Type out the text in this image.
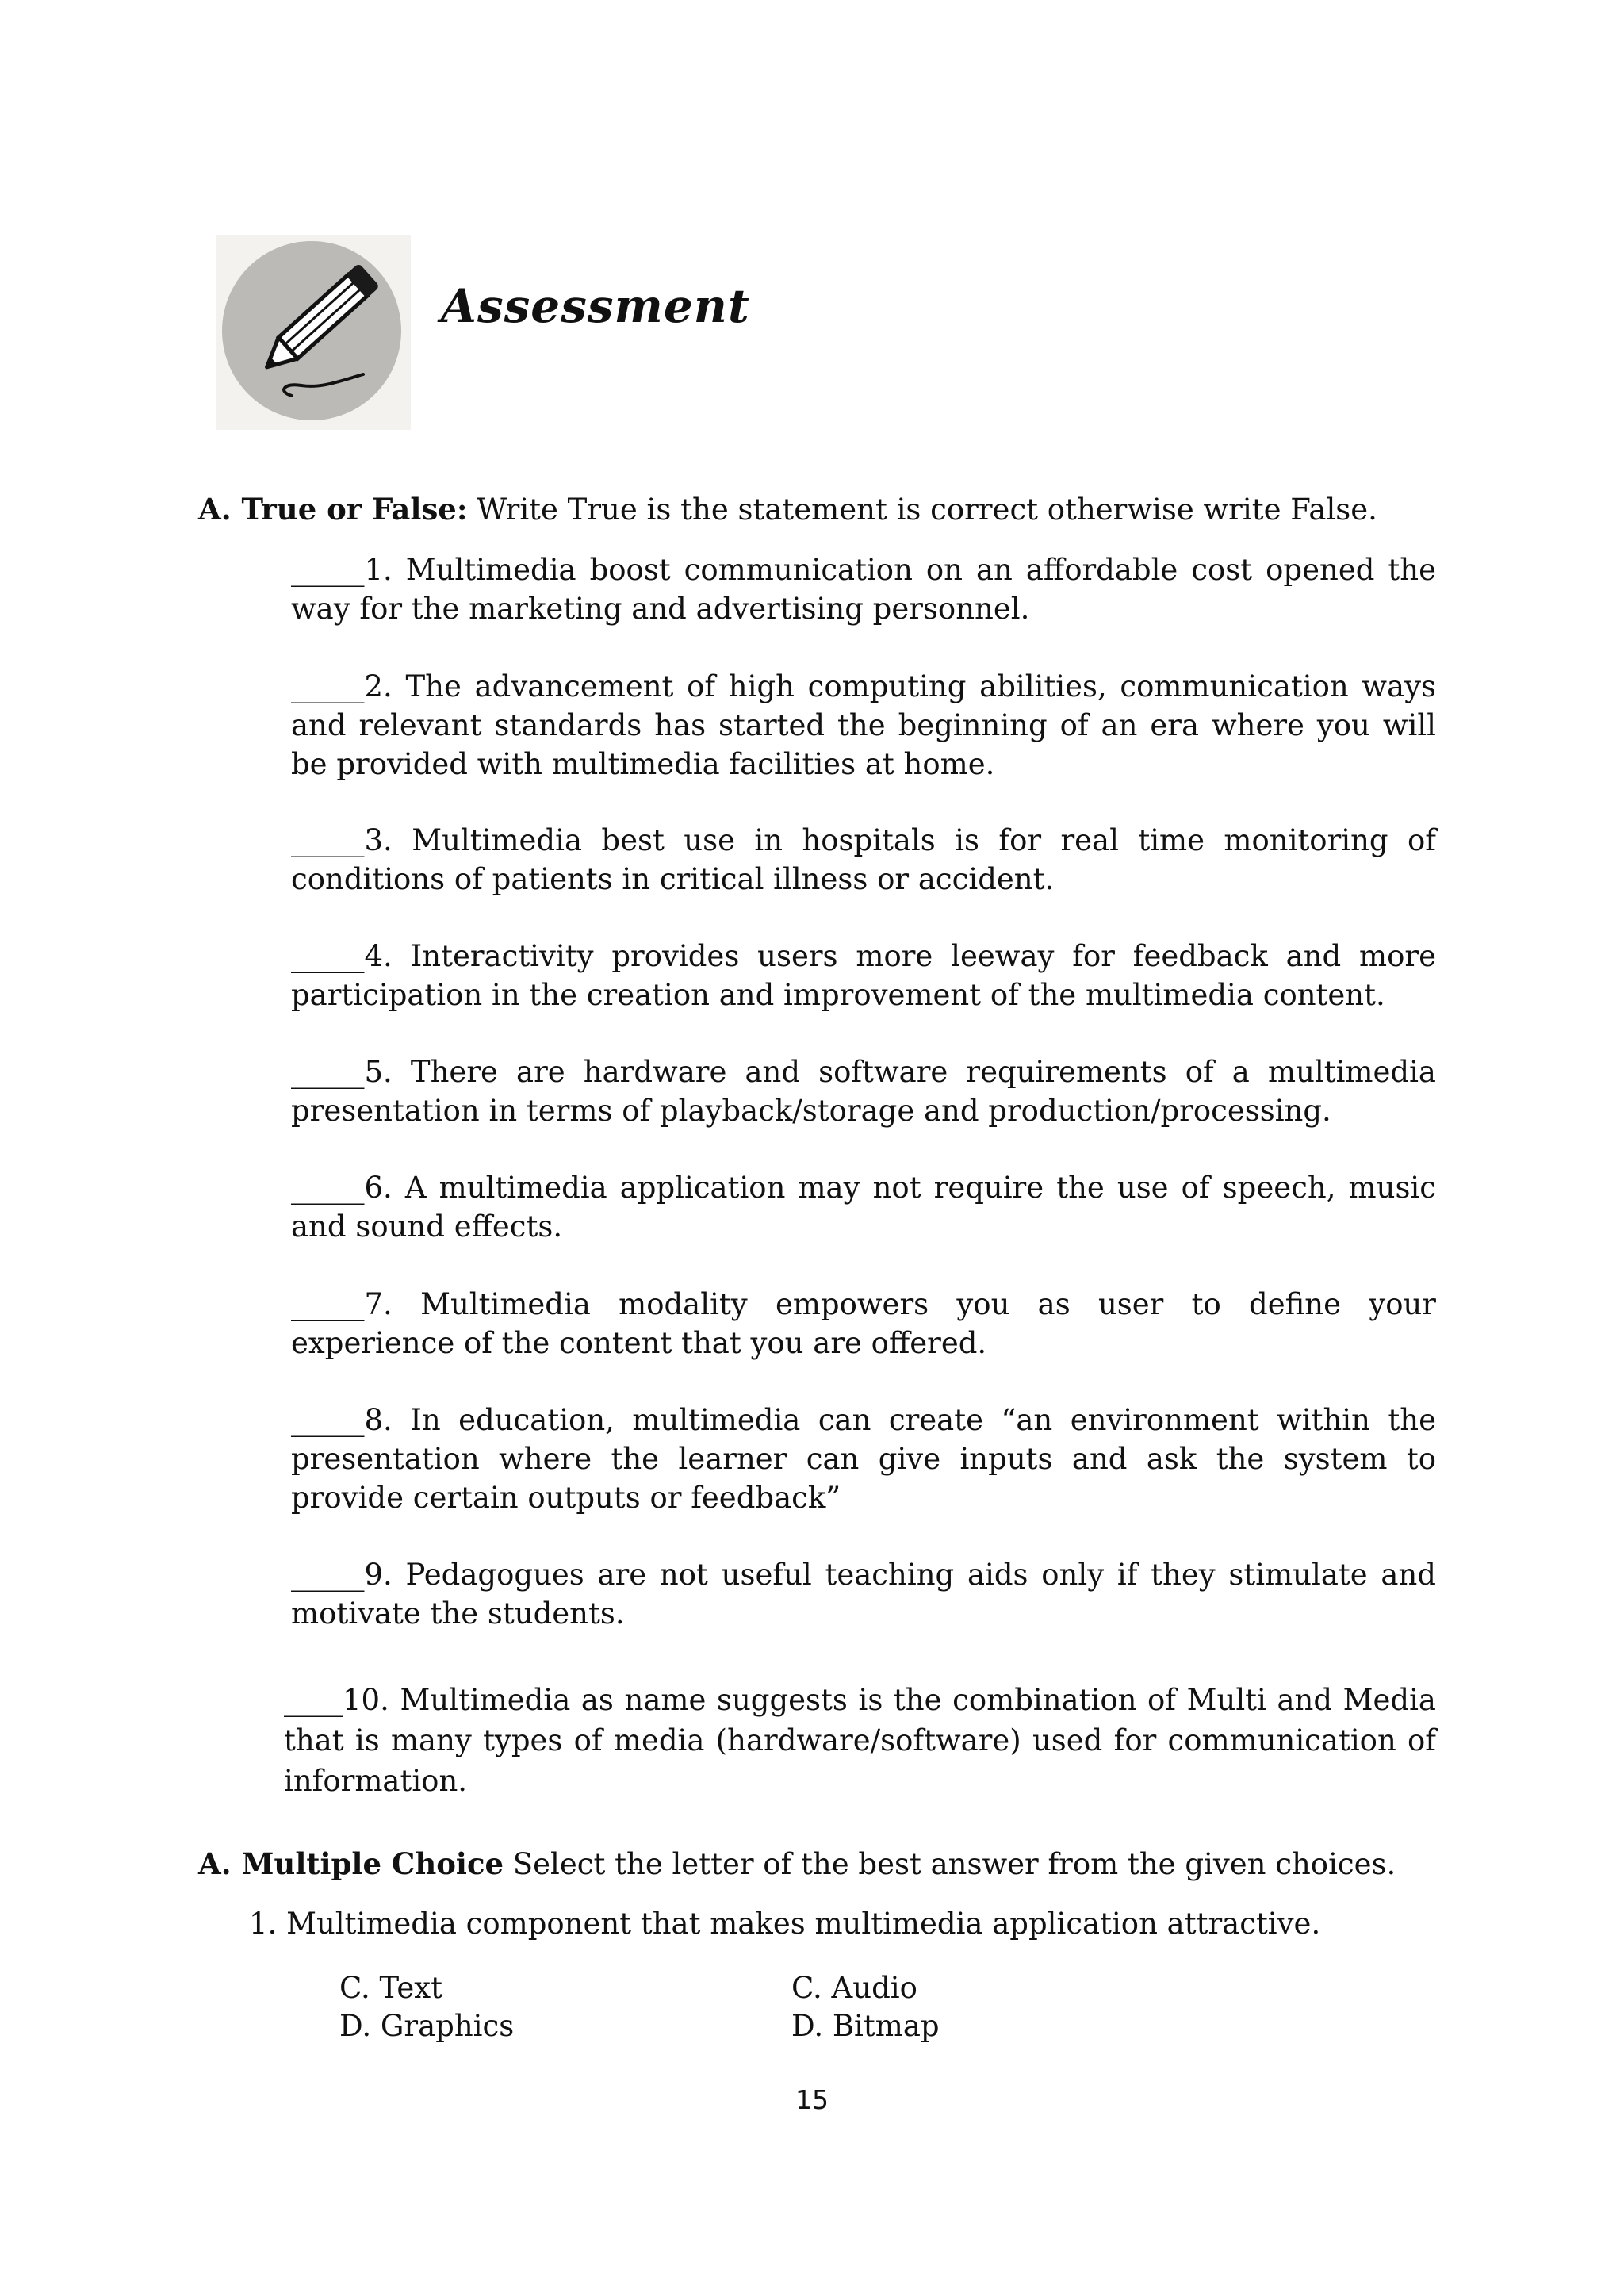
Assessment
A. True or False: Write True is the statement is correct otherwise write False.
_____1. Multimedia boost communication on an affordable cost opened the way for the marketing and advertising personnel.
_____2. The advancement of high computing abilities, communication ways and relevant standards has started the beginning of an era where you will be provided with multimedia facilities at home.
_____3. Multimedia best use in hospitals is for real time monitoring of conditions of patients in critical illness or accident.
_____4. Interactivity provides users more leeway for feedback and more participation in the creation and improvement of the multimedia content.
_____5. There are hardware and software requirements of a multimedia presentation in terms of playback/storage and production/processing.
_____6. A multimedia application may not require the use of speech, music and sound effects.
_____7. Multimedia modality empowers you as user to define your experience of the content that you are offered.
_____8. In education, multimedia can create “an environment within the presentation where the learner can give inputs and ask the system to provide certain outputs or feedback”
_____9. Pedagogues are not useful teaching aids only if they stimulate and motivate the students.
____10. Multimedia as name suggests is the combination of Multi and Media that is many types of media (hardware/software) used for communication of information.
A. Multiple Choice Select the letter of the best answer from the given choices.
1. Multimedia component that makes multimedia application attractive.
C. Text	C. Audio
D. Graphics	D. Bitmap
15
